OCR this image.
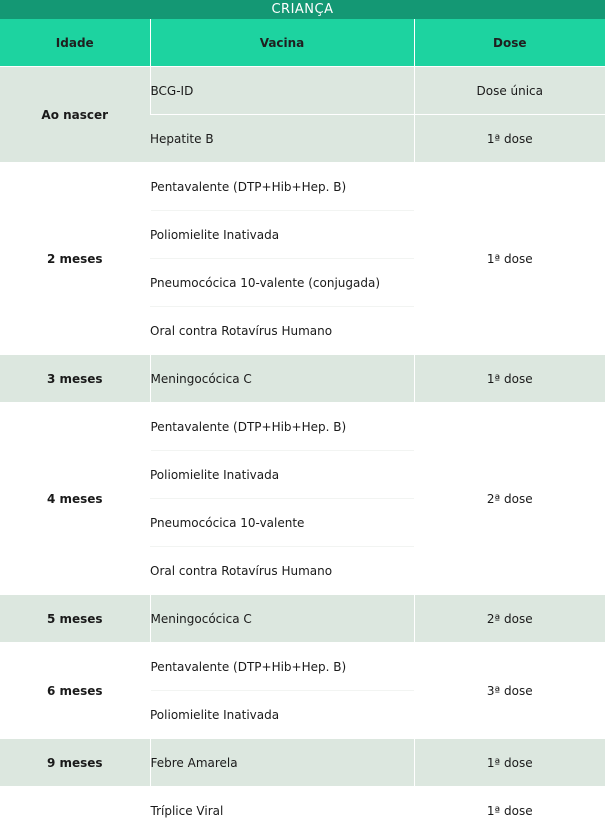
CRIANÇA
Idade	Vacina	Dose
Ao nascer	BCG-ID	Dose única
	Hepatite B	1ª dose
2 meses	Pentavalente (DTP+Hib+Hep. B)	1ª dose
	Poliomielite Inativada	
	Pneumocócica 10-valente (conjugada)	
	Oral contra Rotavírus Humano	
3 meses	Meningocócica C	1ª dose
4 meses	Pentavalente (DTP+Hib+Hep. B)	2ª dose
	Poliomielite Inativada	
	Pneumocócica 10-valente	
	Oral contra Rotavírus Humano	
5 meses	Meningocócica C	2ª dose
6 meses	Pentavalente (DTP+Hib+Hep. B)	3ª dose
	Poliomielite Inativada	
9 meses	Febre Amarela	1ª dose
	Tríplice Viral	1ª dose
